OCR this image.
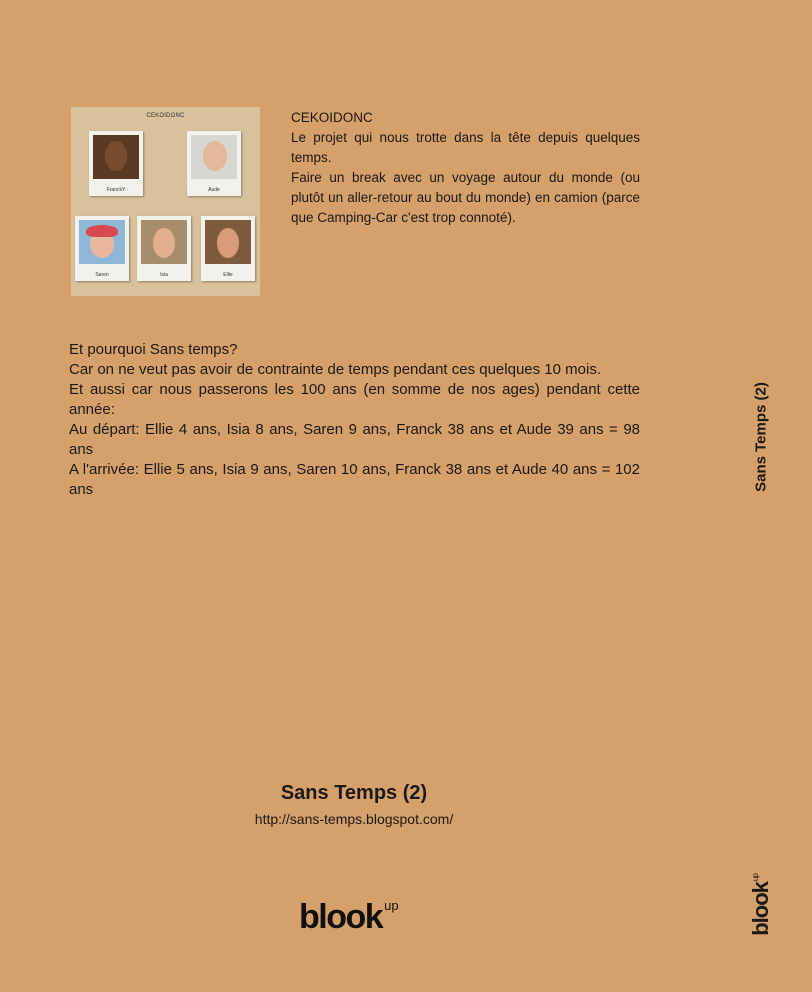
CEKOIDONC
FranckY	Aude
Saren	Isia	Ellie

CEKOIDONC

Le projet qui nous trotte dans la tête depuis quelques temps.

Faire un break avec un voyage autour du monde (ou plutôt un aller-retour au bout du monde) en camion (parce que Camping-Car c'est trop connoté).

Et pourquoi Sans temps?

Car on ne veut pas avoir de contrainte de temps pendant ces quelques 10 mois.

Et aussi car nous passerons les 100 ans (en somme de nos ages) pendant cette année:

Au départ: Ellie 4 ans, Isia 8 ans, Saren 9 ans, Franck 38 ans et Aude 39 ans = 98 ans

A l'arrivée: Ellie 5 ans, Isia 9 ans, Saren 10 ans, Franck 38 ans et Aude 40 ans = 102 ans

Sans Temps (2)
http://sans-temps.blogspot.com/
blook $^{up}$
Sans Temps (2)
blook$^{up}$
